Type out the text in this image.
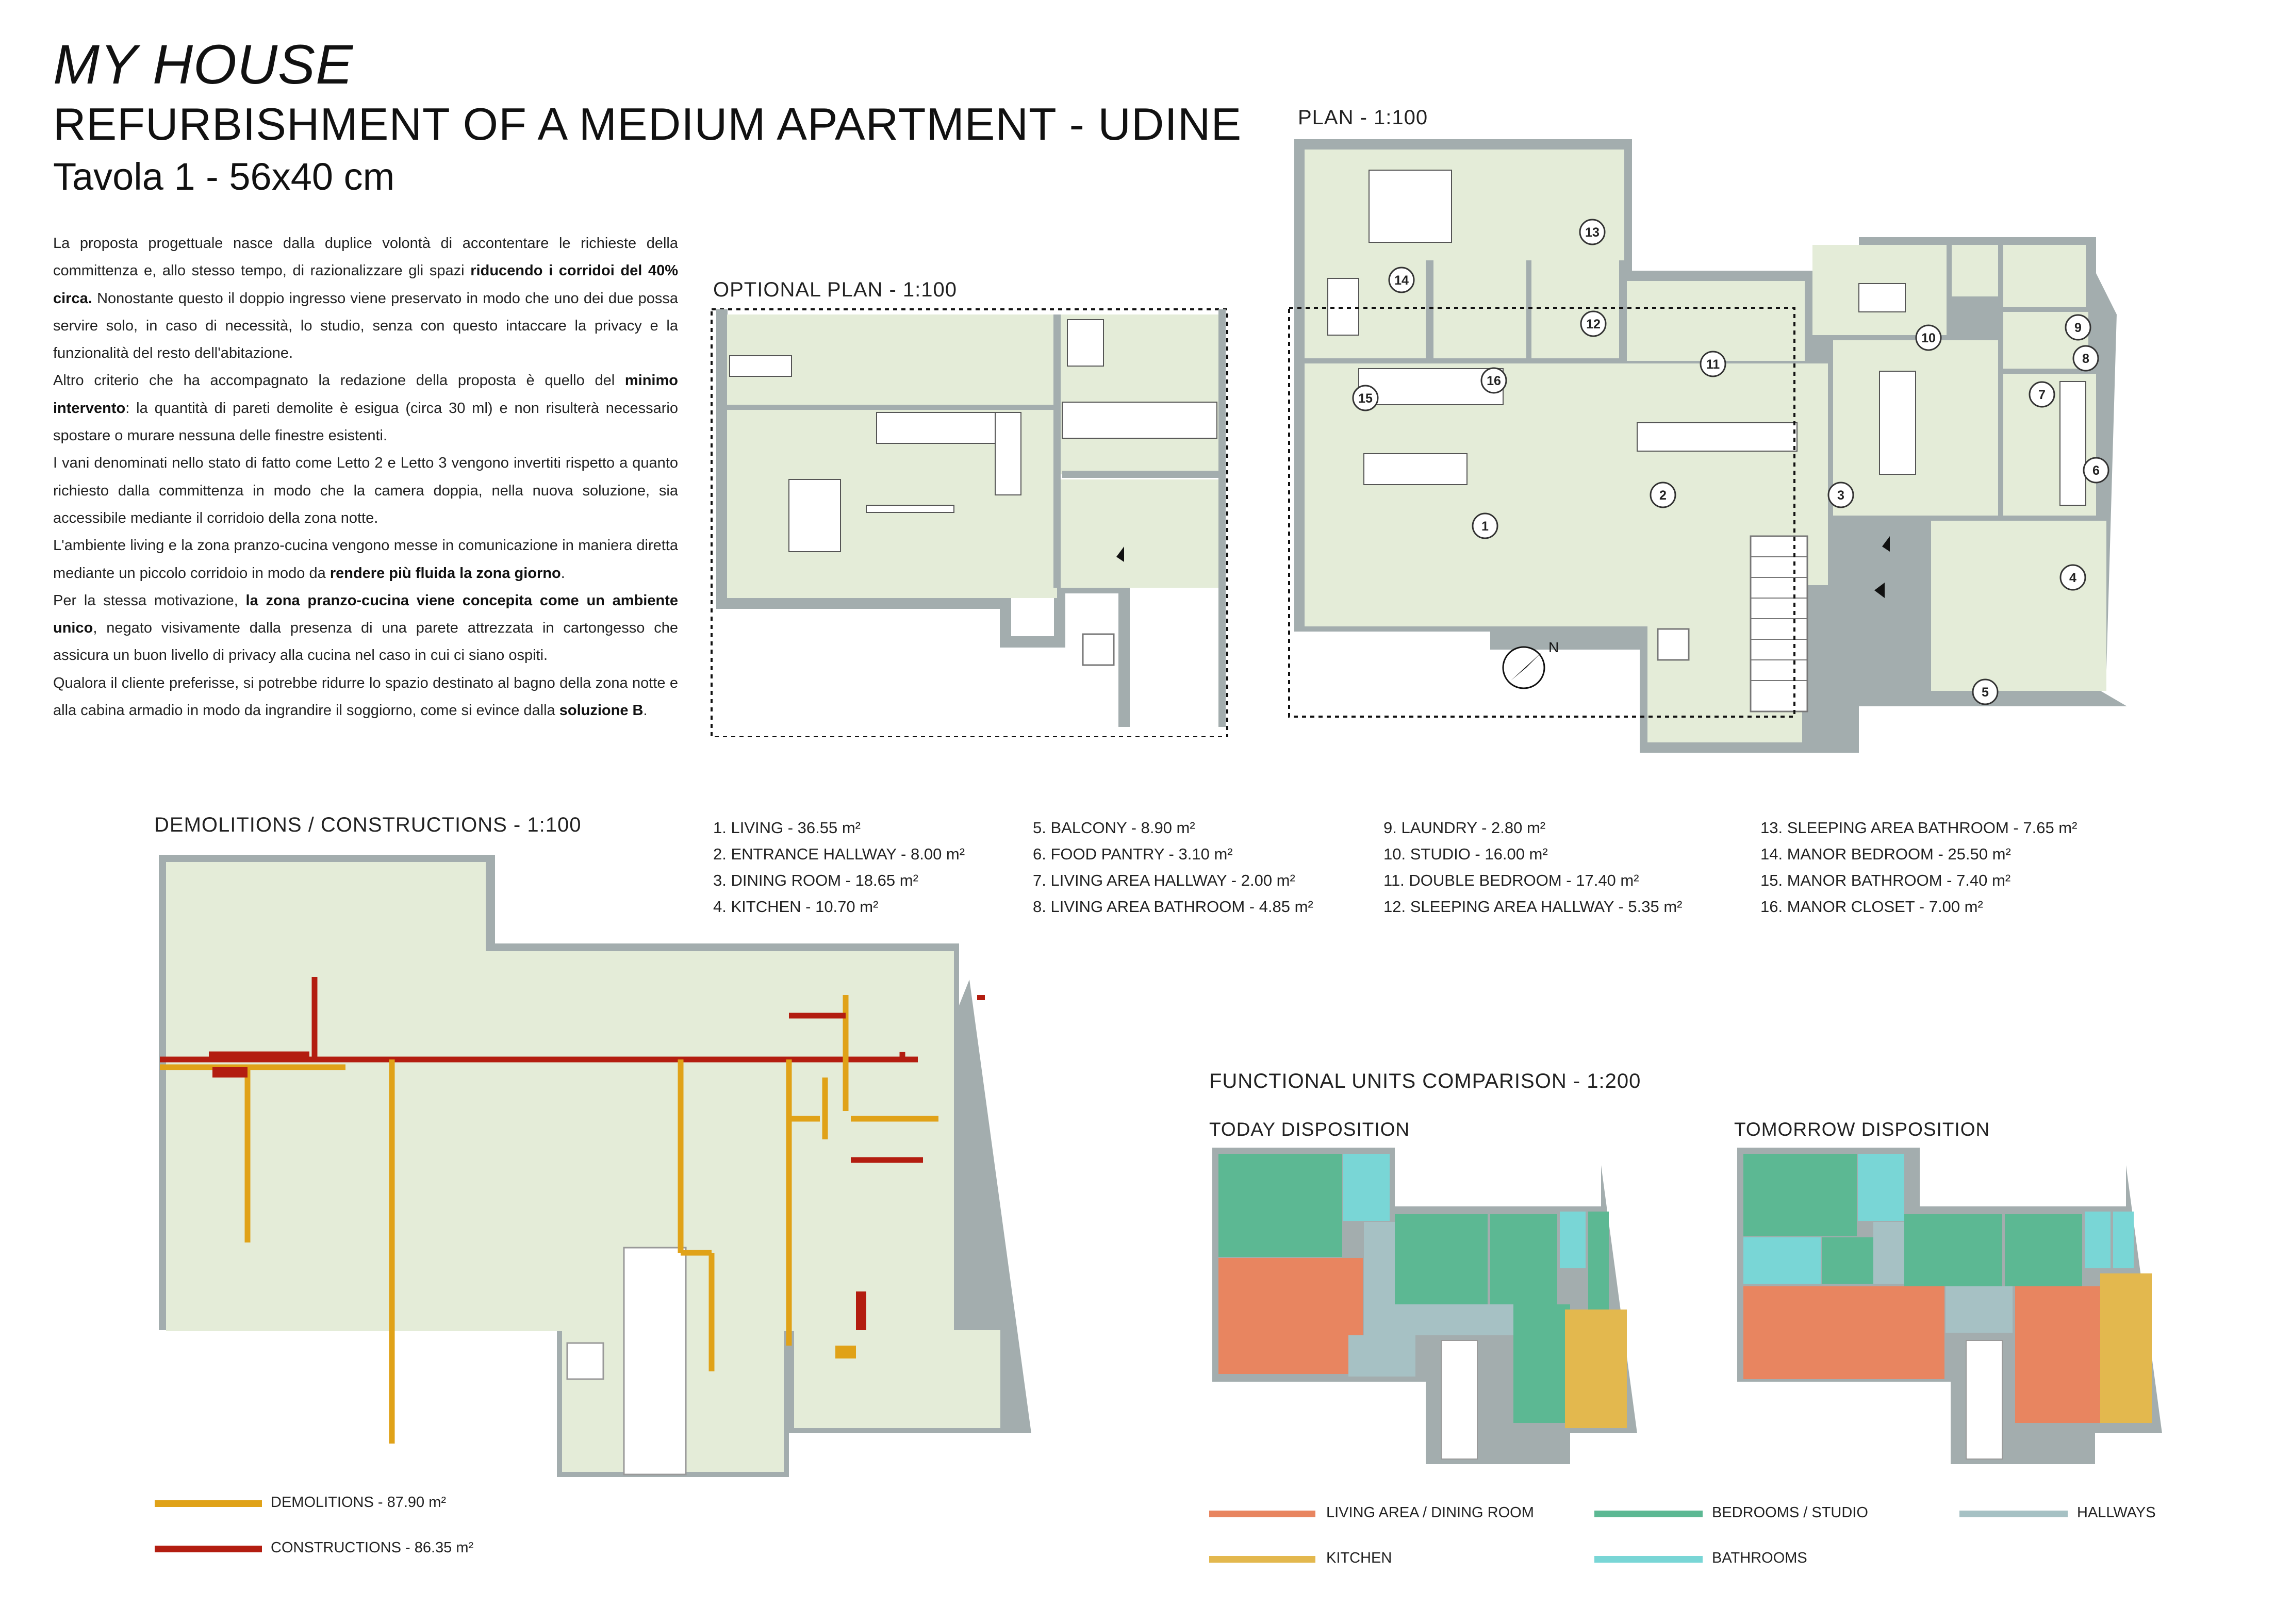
MY HOUSE
REFURBISHMENT OF A MEDIUM APARTMENT - UDINE
Tavola 1 - 56x40 cm

La proposta progettuale nasce dalla duplice volontà di accontentare le richieste della committenza e, allo stesso tempo, di razionalizzare gli spazi riducendo i corridoi del 40% circa. Nonostante questo il doppio ingresso viene preservato in modo che uno dei due possa servire solo, in caso di necessità, lo studio, senza con questo intaccare la privacy e la funzionalità del resto dell'abitazione.

Altro criterio che ha accompagnato la redazione della proposta è quello del minimo intervento: la quantità di pareti demolite è esigua (circa 30 ml) e non risulterà necessario spostare o murare nessuna delle finestre esistenti.

I vani denominati nello stato di fatto come Letto 2 e Letto 3 vengono invertiti rispetto a quanto richiesto dalla committenza in modo che la camera doppia, nella nuova soluzione, sia accessibile mediante il corridoio della zona notte.

L'ambiente living e la zona pranzo-cucina vengono messe in comunicazione in maniera diretta mediante un piccolo corridoio in modo da rendere più fluida la zona giorno.

Per la stessa motivazione, la zona pranzo-cucina viene concepita come un ambiente unico, negato visivamente dalla presenza di una parete attrezzata in cartongesso che assicura un buon livello di privacy alla cucina nel caso in cui ci siano ospiti.

Qualora il cliente preferisse, si potrebbe ridurre lo spazio destinato al bagno della zona notte e alla cabina armadio in modo da ingrandire il soggiorno, come si evince dalla soluzione B.

OPTIONAL PLAN - 1:100
PLAN - 1:100
DEMOLITIONS / CONSTRUCTIONS - 1:100
FUNCTIONAL UNITS COMPARISON - 1:200
TODAY DISPOSITION	TOMORROW DISPOSITION
1. LIVING - 36.55 m²
2. ENTRANCE HALLWAY - 8.00 m²
3. DINING ROOM - 18.65 m²
4. KITCHEN - 10.70 m²
5. BALCONY - 8.90 m²
6. FOOD PANTRY - 3.10 m²
7. LIVING AREA HALLWAY - 2.00 m²
8. LIVING AREA BATHROOM - 4.85 m²
9. LAUNDRY - 2.80 m²
10. STUDIO - 16.00 m²
11. DOUBLE BEDROOM - 17.40 m²
12. SLEEPING AREA HALLWAY - 5.35 m²
13. SLEEPING AREA BATHROOM - 7.65 m²
14. MANOR BEDROOM - 25.50 m²
15. MANOR BATHROOM - 7.40 m²
16. MANOR CLOSET - 7.00 m²
1
2	3
4
5
6
7
8
9
10
11
12
13
14
15
16
N
DEMOLITIONS - 87.90 m²
CONSTRUCTIONS - 86.35 m²
LIVING AREA / DINING ROOM	BEDROOMS / STUDIO	HALLWAYS
KITCHEN	BATHROOMS
